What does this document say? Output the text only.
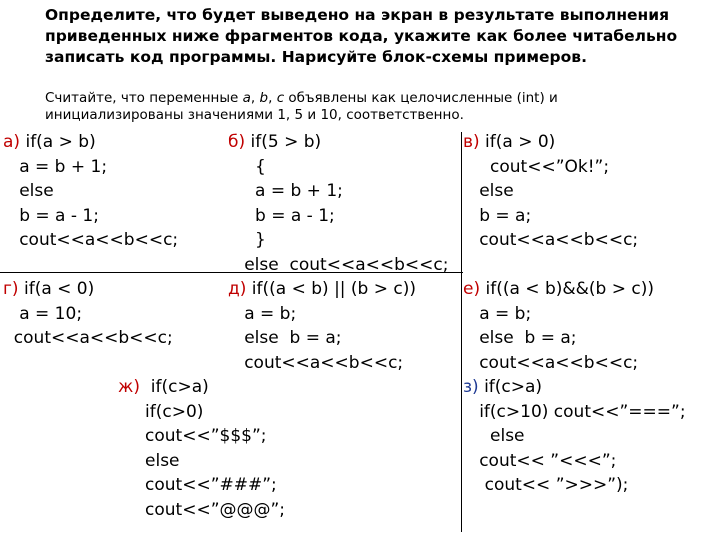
Определите, что будет выведено на экран в результате выполнения
приведенных ниже фрагментов кода, укажите как более читабельно
записать код программы. Нарисуйте блок-схемы примеров.
Считайте, что переменные a, b, c объявлены как целочисленные (int) и
инициализированы значениями 1, 5 и 10, соответственно.
а) if(a > b)
a = b + 1;
else
b = a - 1;
cout<<a<<b<<c;
б) if(5 > b)
{
a = b + 1;
b = a - 1;
}
else  cout<<a<<b<<c;
в) if(a > 0)
cout<<”Ok!”;
else
b = a;
cout<<a<<b<<c;
г) if(a < 0)
a = 10;
cout<<a<<b<<c;
д) if((a < b) || (b > c))
a = b;
else  b = a;
cout<<a<<b<<c;
е) if((a < b)&&(b > c))
a = b;
else  b = a;
cout<<a<<b<<c;
ж)  if(c>a)
if(c>0)
cout<<”$$$”;
else
cout<<”###”;
cout<<”@@@”;
з) if(c>a)
if(c>10) cout<<”===”;
else
cout<< ”<<<”;
cout<< ”>>>”);
